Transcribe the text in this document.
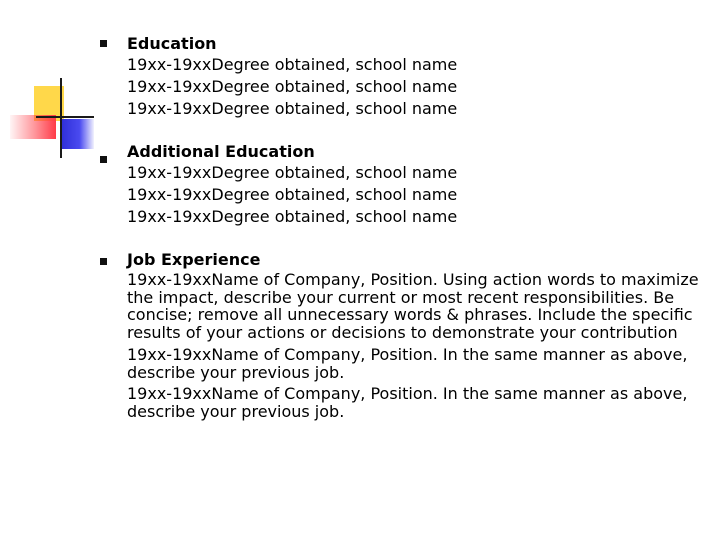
Education
19xx-19xxDegree obtained, school name
19xx-19xxDegree obtained, school name
19xx-19xxDegree obtained, school name
Additional Education
19xx-19xxDegree obtained, school name
19xx-19xxDegree obtained, school name
19xx-19xxDegree obtained, school name
Job Experience
19xx-19xxName of Company, Position. Using action words to maximize the impact, describe your current or most recent responsibilities. Be concise; remove all unnecessary words & phrases. Include the specific results of your actions or decisions to demonstrate your contribution
19xx-19xxName of Company, Position. In the same manner as above, describe your previous job.
19xx-19xxName of Company, Position. In the same manner as above, describe your previous job.
